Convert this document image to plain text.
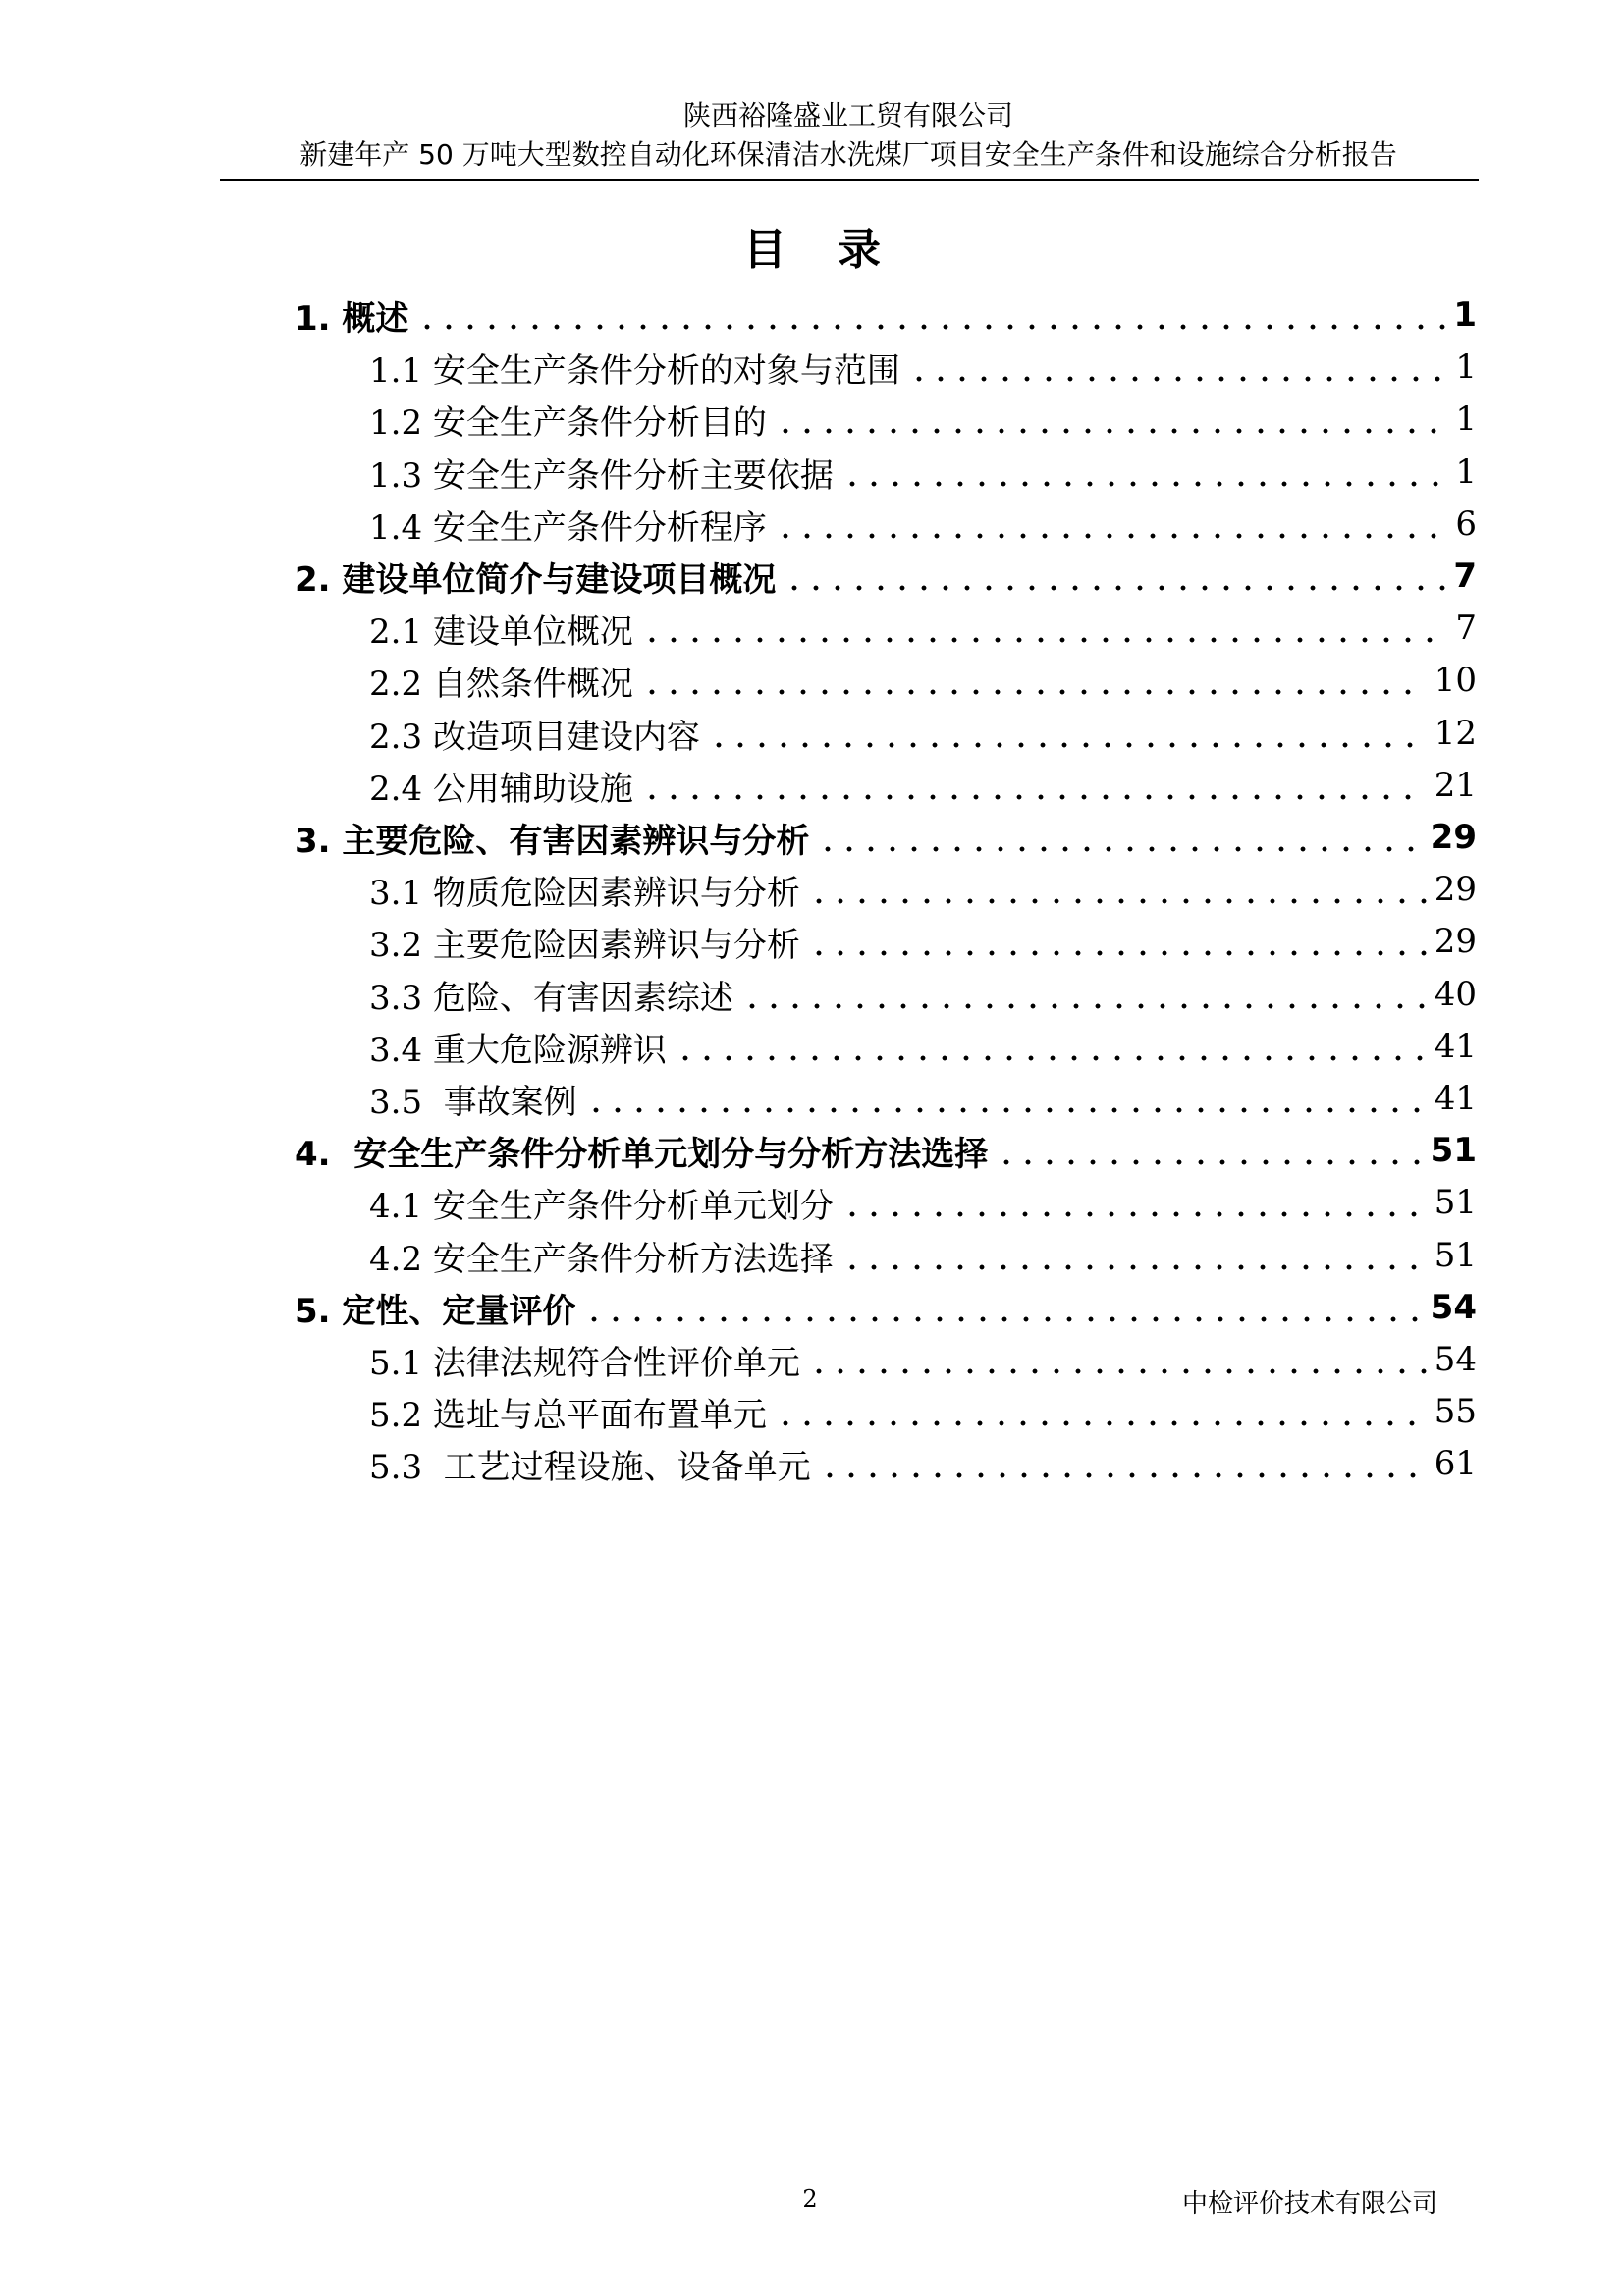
陕西裕隆盛业工贸有限公司
新建年产 50 万吨大型数控自动化环保清洁水洗煤厂项目安全生产条件和设施综合分析报告
目录
1. 概述	1
1.1 安全生产条件分析的对象与范围	1
1.2 安全生产条件分析目的	1
1.3 安全生产条件分析主要依据	1
1.4 安全生产条件分析程序	6
2. 建设单位简介与建设项目概况	7
2.1 建设单位概况	7
2.2 自然条件概况	10
2.3 改造项目建设内容	12
2.4 公用辅助设施	21
3. 主要危险、有害因素辨识与分析	29
3.1 物质危险因素辨识与分析	29
3.2 主要危险因素辨识与分析	29
3.3 危险、有害因素综述	40
3.4 重大危险源辨识	41
3.5  事故案例	41
4.  安全生产条件分析单元划分与分析方法选择	51
4.1 安全生产条件分析单元划分	51
4.2 安全生产条件分析方法选择	51
5. 定性、定量评价	54
5.1 法律法规符合性评价单元	54
5.2 选址与总平面布置单元	55
5.3  工艺过程设施、设备单元	61
2	中检评价技术有限公司
